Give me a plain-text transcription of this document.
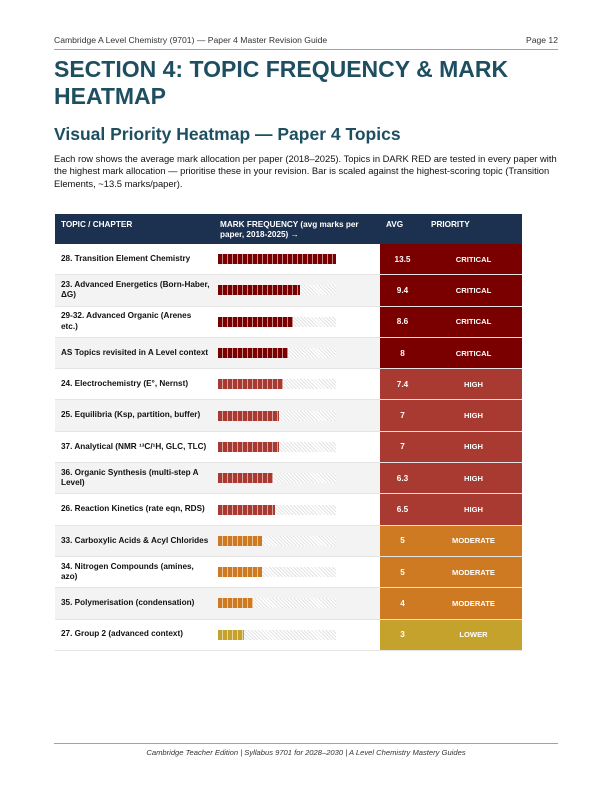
Cambridge A Level Chemistry (9701) — Paper 4 Master Revision Guide	Page 12
SECTION 4: TOPIC FREQUENCY & MARK HEATMAP
Visual Priority Heatmap — Paper 4 Topics

Each row shows the average mark allocation per paper (2018–2025). Topics in DARK RED are tested in every paper with the highest mark allocation — prioritise these in your revision. Bar is scaled against the highest-scoring topic (Transition Elements, ~13.5 marks/paper).

TOPIC / CHAPTER	MARK FREQUENCY (avg marks per paper, 2018-2025) →	AVG	PRIORITY

28. Transition Element Chemistry		13.5	CRITICAL

23. Advanced Energetics (Born-Haber, ΔG)		9.4	CRITICAL

29-32. Advanced Organic (Arenes etc.)		8.6	CRITICAL

AS Topics revisited in A Level context		8	CRITICAL

24. Electrochemistry (E°, Nernst)		7.4	HIGH

25. Equilibria (Ksp, partition, buffer)		7	HIGH

37. Analytical (NMR ¹³C/¹H, GLC, TLC)		7	HIGH

36. Organic Synthesis (multi-step A Level)		6.3	HIGH

26. Reaction Kinetics (rate eqn, RDS)		6.5	HIGH

33. Carboxylic Acids & Acyl Chlorides		5	MODERATE

34. Nitrogen Compounds (amines, azo)		5	MODERATE

35. Polymerisation (condensation)		4	MODERATE

27. Group 2 (advanced context)		3	LOWER
Cambridge Teacher Edition | Syllabus 9701 for 2028–2030 | A Level Chemistry Mastery Guides
